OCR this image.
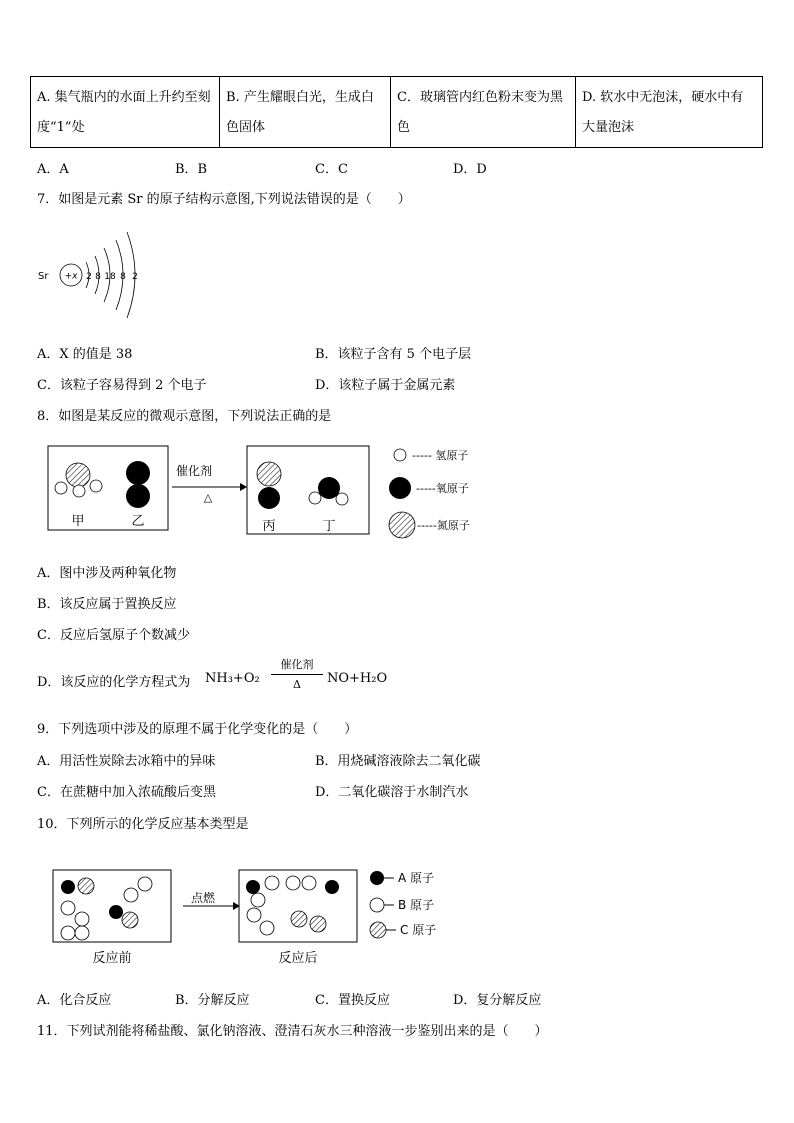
A. 集气瓶内的水面上升约至刻度“1”处	B. 产生耀眼白光，生成白色固体	C．玻璃管内红色粉末变为黑色	D. 软水中无泡沫，硬水中有大量泡沫
A．A	B．B	C．C	D．D
7．如图是元素 Sr 的原子结构示意图,下列说法错误的是（　　）
Sr +x 2 8 18 8 2
A．X 的值是 38	B．该粒子含有 5 个电子层
C．该粒子容易得到 2 个电子	D．该粒子属于金属元素
8．如图是某反应的微观示意图，下列说法正确的是
甲	乙
催化剂
△
丙	丁
----- 氢原子
-----氧原子
-----氮原子
A．图中涉及两种氧化物
B．该反应属于置换反应
C．反应后氢原子个数减少
D．该反应的化学方程式为 NH₃+O₂
催化剂
Δ	NO+H₂O
9．下列选项中涉及的原理不属于化学变化的是（　　）
A．用活性炭除去冰箱中的异味	B．用烧碱溶液除去二氧化碳
C．在蔗糖中加入浓硫酸后变黑	D．二氧化碳溶于水制汽水
10．下列所示的化学反应基本类型是
点燃
反应前	反应后
A 原子
B 原子
C 原子
A．化合反应	B．分解反应	C．置换反应	D．复分解反应
11．下列试剂能将稀盐酸、氯化钠溶液、澄清石灰水三种溶液一步鉴别出来的是（　　）
